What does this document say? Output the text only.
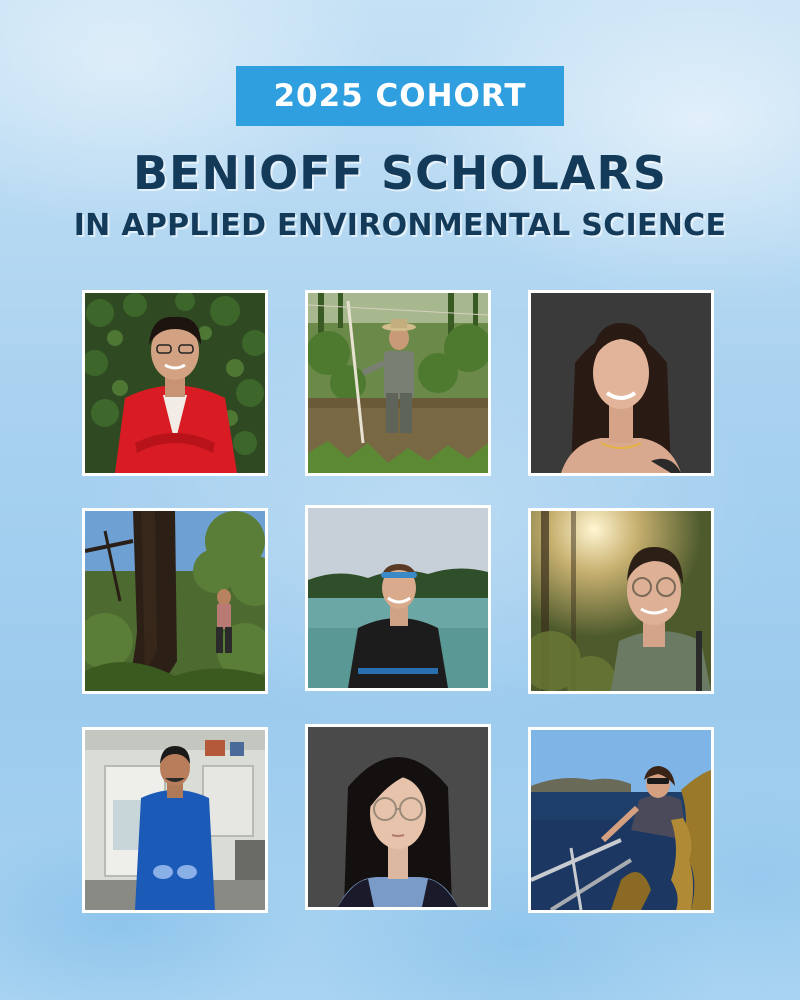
2025 COHORT
BENIOFF SCHOLARS
IN APPLIED ENVIRONMENTAL SCIENCE
